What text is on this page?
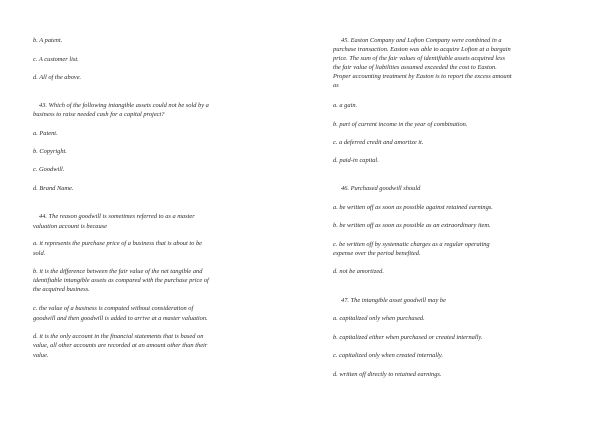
b. A patent.
c. A customer list.
d. All of the above.
43. Which of the following intangible assets could not be sold by a
business to raise needed cash for a capital project?
a. Patent.
b. Copyright.
c. Goodwill.
d. Brand Name.
44. The reason goodwill is sometimes referred to as a master
valuation account is because
a. it represents the purchase price of a business that is about to be
sold.
b. it is the difference between the fair value of the net tangible and
identifiable intangible assets as compared with the purchase price of
the acquired business.
c. the value of a business is computed without consideration of
goodwill and then goodwill is added to arrive at a master valuation.
d. it is the only account in the financial statements that is based on
value, all other accounts are recorded at an amount other than their
value.
45. Easton Company and Lofton Company were combined in a
purchase transaction. Easton was able to acquire Lofton at a bargain
price. The sum of the fair values of identifiable assets acquired less
the fair value of liabilities assumed exceeded the cost to Easton.
Proper accounting treatment by Easton is to report the excess amount
as
a. a gain.
b. part of current income in the year of combination.
c. a deferred credit and amortize it.
d. paid-in capital.
46. Purchased goodwill should
a. be written off as soon as possible against retained earnings.
b. be written off as soon as possible as an extraordinary item.
c. be written off by systematic charges as a regular operating
expense over the period benefited.
d. not be amortized.
47. The intangible asset goodwill may be
a. capitalized only when purchased.
b. capitalized either when purchased or created internally.
c. capitalized only when created internally.
d. written off directly to retained earnings.
